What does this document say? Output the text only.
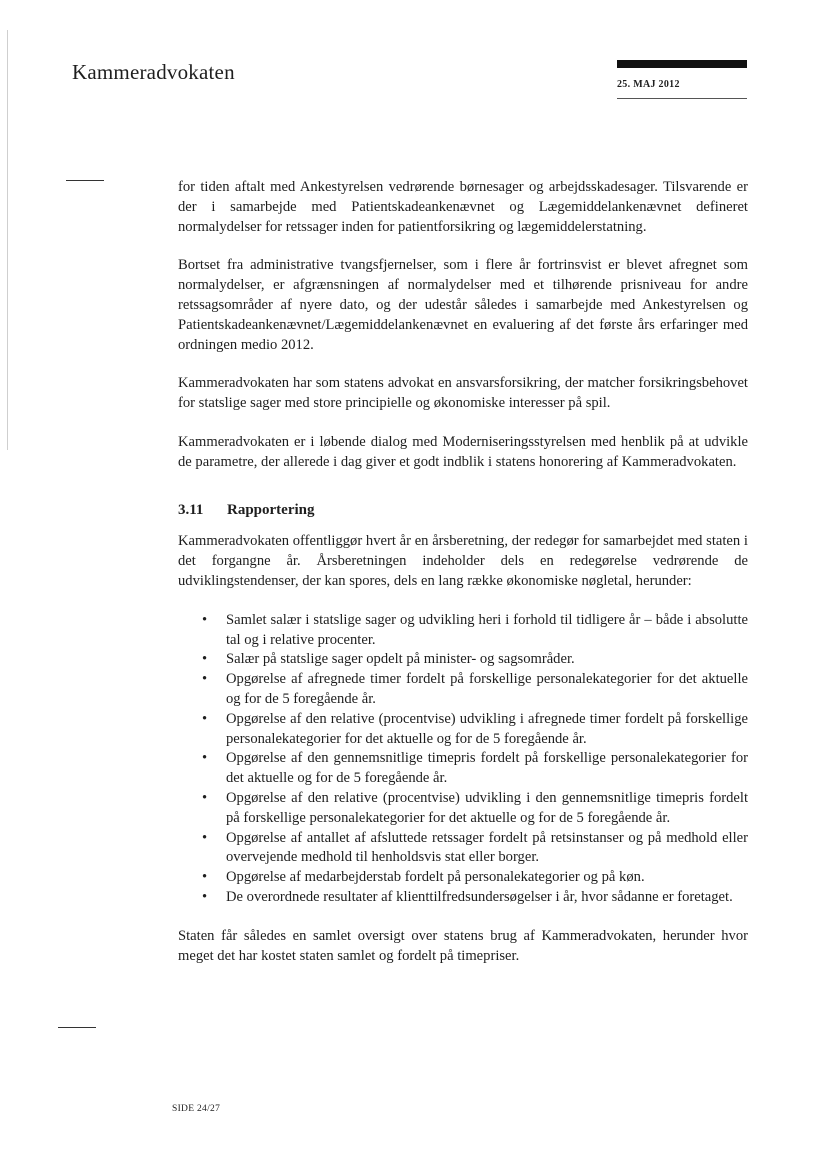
Kammeradvokaten
25. MAJ 2012

for tiden aftalt med Ankestyrelsen vedrørende børnesager og arbejdsskadesager. Tilsvarende er der i samarbejde med Patientskadeankenævnet og Lægemiddelankenævnet defineret normalydelser for retssager inden for patientforsikring og lægemiddelerstatning.

Bortset fra administrative tvangsfjernelser, som i flere år fortrinsvist er blevet afregnet som normalydelser, er afgrænsningen af normalydelser med et tilhørende prisniveau for andre retssagsområder af nyere dato, og der udestår således i samarbejde med Ankestyrelsen og Patientskadeankenævnet/Lægemiddelankenævnet en evaluering af det første års erfaringer med ordningen medio 2012.

Kammeradvokaten har som statens advokat en ansvarsforsikring, der matcher forsikringsbehovet for statslige sager med store principielle og økonomiske interesser på spil.

Kammeradvokaten er i løbende dialog med Moderniseringsstyrelsen med henblik på at udvikle de parametre, der allerede i dag giver et godt indblik i statens honorering af Kammeradvokaten.

3.11 Rapportering

Kammeradvokaten offentliggør hvert år en årsberetning, der redegør for samarbejdet med staten i det forgangne år. Årsberetningen indeholder dels en redegørelse vedrørende de udviklingstendenser, der kan spores, dels en lang række økonomiske nøgletal, herunder:

• Samlet salær i statslige sager og udvikling heri i forhold til tidligere år – både i absolutte tal og i relative procenter.
• Salær på statslige sager opdelt på minister- og sagsområder.
• Opgørelse af afregnede timer fordelt på forskellige personalekategorier for det aktuelle og for de 5 foregående år.
• Opgørelse af den relative (procentvise) udvikling i afregnede timer fordelt på forskellige personalekategorier for det aktuelle og for de 5 foregående år.
• Opgørelse af den gennemsnitlige timepris fordelt på forskellige personalekategorier for det aktuelle og for de 5 foregående år.
• Opgørelse af den relative (procentvise) udvikling i den gennemsnitlige timepris fordelt på forskellige personalekategorier for det aktuelle og for de 5 foregående år.
• Opgørelse af antallet af afsluttede retssager fordelt på retsinstanser og på medhold eller overvejende medhold til henholdsvis stat eller borger.
• Opgørelse af medarbejderstab fordelt på personalekategorier og på køn.
• De overordnede resultater af klienttilfredsundersøgelser i år, hvor sådanne er foretaget.

Staten får således en samlet oversigt over statens brug af Kammeradvokaten, herunder hvor meget det har kostet staten samlet og fordelt på timepriser.

SIDE 24/27
